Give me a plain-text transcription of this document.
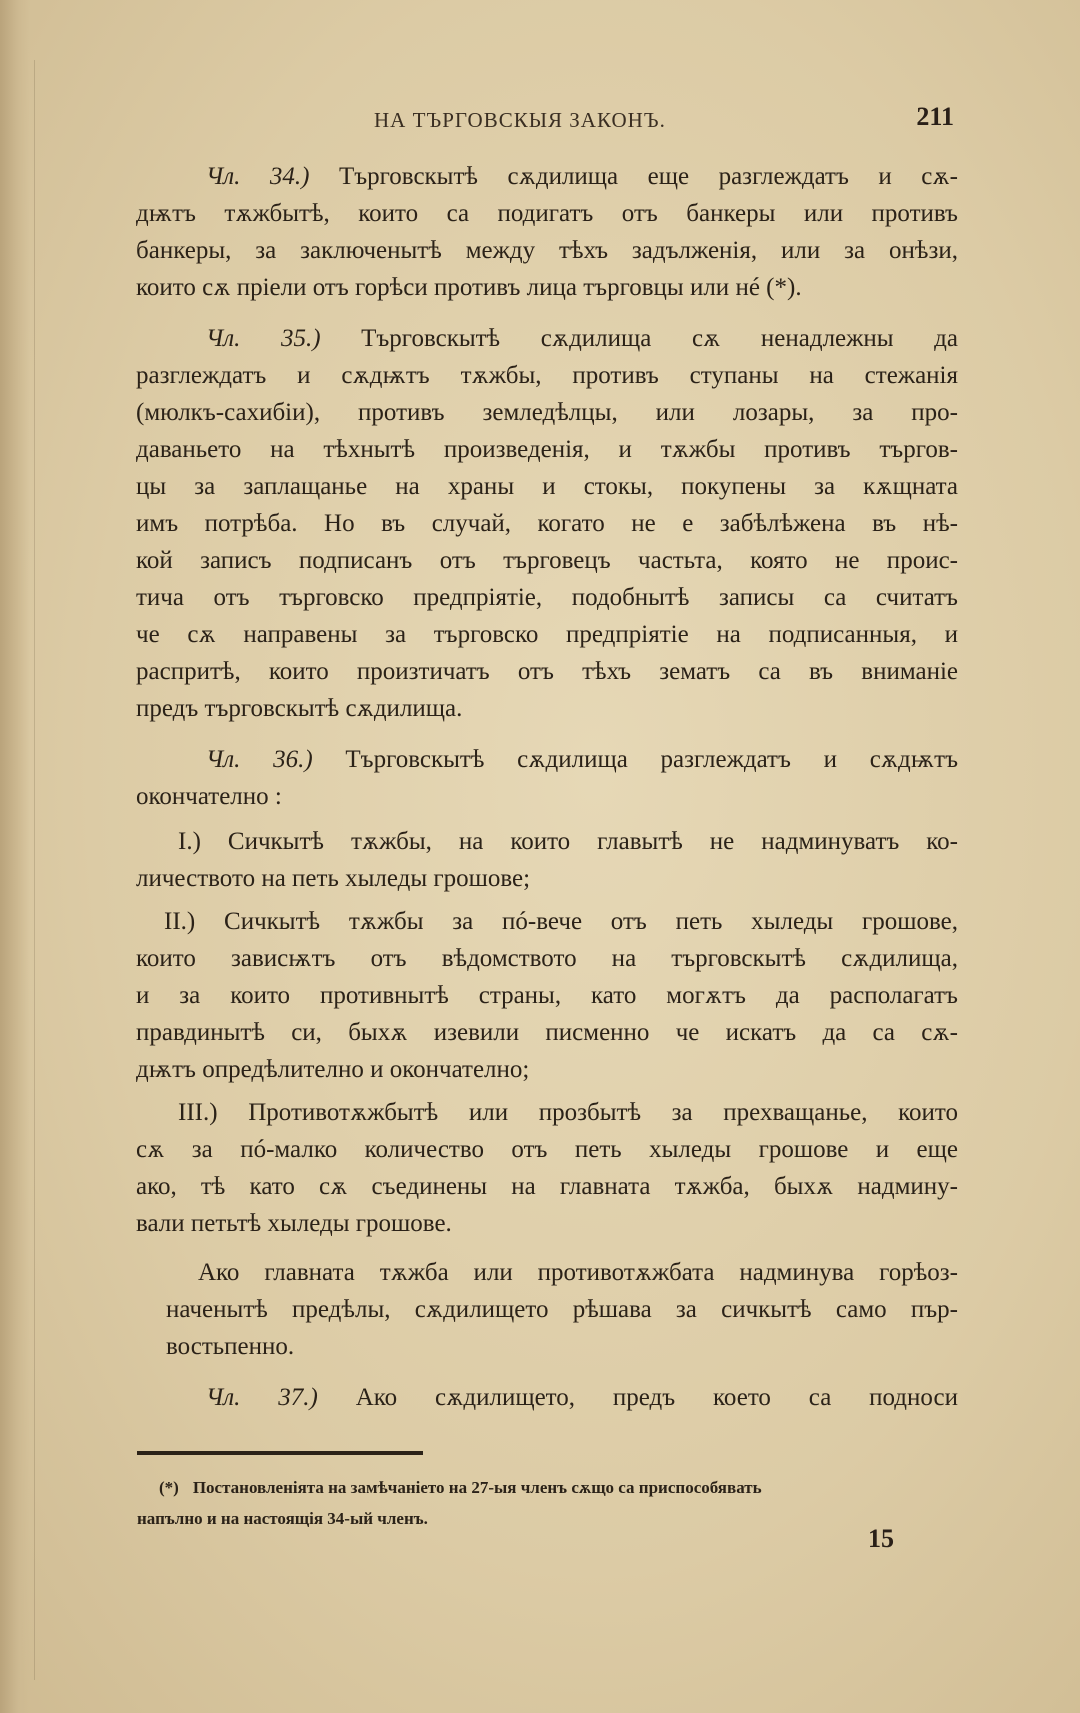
НА ТЪРГОВСКЫЯ ЗАКОНЪ.	211

Чл. 34.) Търговскытѣ сѫдилища еще разглеждатъ и сѫ-
дѭтъ тѫжбытѣ, които са подигатъ отъ банкеры или противъ
банкеры, за заключенытѣ между тѣхъ задълженія, или за онѣзи,
които сѫ пріели отъ горѣси противъ лица търговцы или нé (*).

Чл. 35.) Търговскытѣ сѫдилища сѫ ненадлежны да
разглеждатъ и сѫдѭтъ тѫжбы, противъ ступаны на стежанія
(мюлкъ-сахибіи), противъ земледѣлцы, или лозары, за про-
даваньето на тѣхнытѣ произведенія, и тѫжбы противъ търгов-
цы за заплащанье на храны и стокы, покупены за кѫщната
имъ потрѣба. Но въ случай, когато не е забѣлѣжена въ нѣ-
кой записъ подписанъ отъ търговецъ частьта, която не проис-
тича отъ търговско предпріятіе, подобнытѣ записы са считатъ
че сѫ направены за търговско предпріятіе на подписанныя, и
распритѣ, които произтичатъ отъ тѣхъ зематъ са въ вниманіе
предъ търговскытѣ сѫдилища.

Чл. 36.) Търговскытѣ сѫдилища разглеждатъ и сѫдѭтъ
окончателно :

I.) Сичкытѣ тѫжбы, на които главытѣ не надминуватъ ко-
личеството на петь хыледы грошове;

II.) Сичкытѣ тѫжбы за пó-вече отъ петь хыледы грошове,
които зависѭтъ отъ вѣдомството на търговскытѣ сѫдилища,
и за които противнытѣ страны, като могѫтъ да располагатъ
правдинытѣ си, быхѫ изевили писменно че искатъ да са сѫ-
дѭтъ опредѣлително и окончателно;

III.) Противотѫжбытѣ или прозбытѣ за прехващанье, които
сѫ за пó-малко количество отъ петь хыледы грошове и еще
ако, тѣ като сѫ съединены на главната тѫжба, быхѫ надмину-
вали петьтѣ хыледы грошове.

Ако главната тѫжба или противотѫжбата надминува горѣоз-
наченытѣ предѣлы, сѫдилището рѣшава за сичкытѣ само пър-
востьпенно.

Чл. 37.) Ако сѫдилището, предъ което са подноси

(*) Постановленіята на замѣчаніето на 27-ыя членъ сѫщо са приспособявать
напълно и на настоящія 34-ый членъ.
15
